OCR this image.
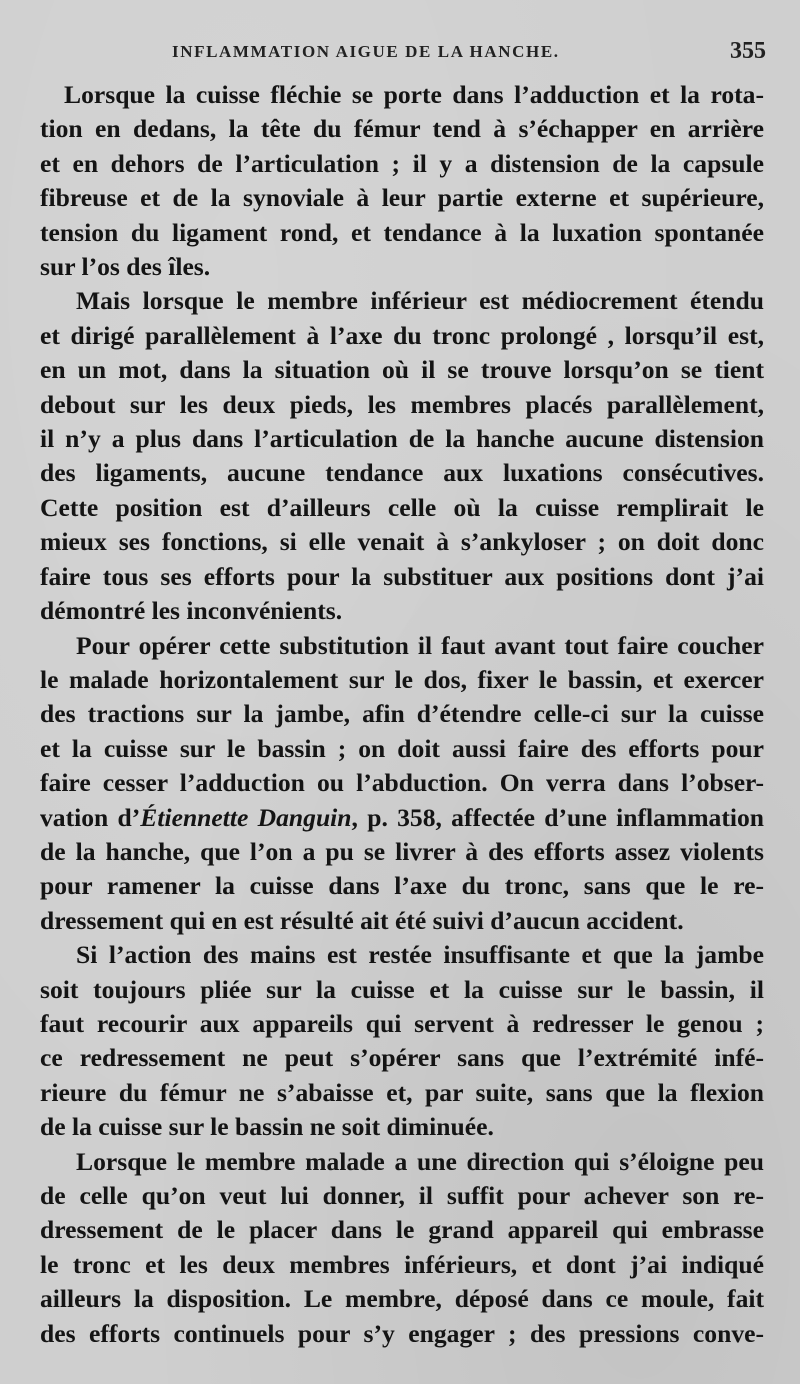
INFLAMMATION AIGUE DE LA HANCHE.	355
Lorsque la cuisse fléchie se porte dans l’adduction et la rota-
tion en dedans, la tête du fémur tend à s’échapper en arrière
et en dehors de l’articulation ; il y a distension de la capsule
fibreuse et de la synoviale à leur partie externe et supérieure,
tension du ligament rond, et tendance à la luxation spontanée
sur l’os des îles.
Mais lorsque le membre inférieur est médiocrement étendu
et dirigé parallèlement à l’axe du tronc prolongé , lorsqu’il est,
en un mot, dans la situation où il se trouve lorsqu’on se tient
debout sur les deux pieds, les membres placés parallèlement,
il n’y a plus dans l’articulation de la hanche aucune distension
des ligaments, aucune tendance aux luxations consécutives.
Cette position est d’ailleurs celle où la cuisse remplirait le
mieux ses fonctions, si elle venait à s’ankyloser ; on doit donc
faire tous ses efforts pour la substituer aux positions dont j’ai
démontré les inconvénients.
Pour opérer cette substitution il faut avant tout faire coucher
le malade horizontalement sur le dos, fixer le bassin, et exercer
des tractions sur la jambe, afin d’étendre celle-ci sur la cuisse
et la cuisse sur le bassin ; on doit aussi faire des efforts pour
faire cesser l’adduction ou l’abduction. On verra dans l’obser-
vation d’Étiennette Danguin, p. 358, affectée d’une inflammation
de la hanche, que l’on a pu se livrer à des efforts assez violents
pour ramener la cuisse dans l’axe du tronc, sans que le re-
dressement qui en est résulté ait été suivi d’aucun accident.
Si l’action des mains est restée insuffisante et que la jambe
soit toujours pliée sur la cuisse et la cuisse sur le bassin, il
faut recourir aux appareils qui servent à redresser le genou ;
ce redressement ne peut s’opérer sans que l’extrémité infé-
rieure du fémur ne s’abaisse et, par suite, sans que la flexion
de la cuisse sur le bassin ne soit diminuée.
Lorsque le membre malade a une direction qui s’éloigne peu
de celle qu’on veut lui donner, il suffit pour achever son re-
dressement de le placer dans le grand appareil qui embrasse
le tronc et les deux membres inférieurs, et dont j’ai indiqué
ailleurs la disposition. Le membre, déposé dans ce moule, fait
des efforts continuels pour s’y engager ; des pressions conve-
